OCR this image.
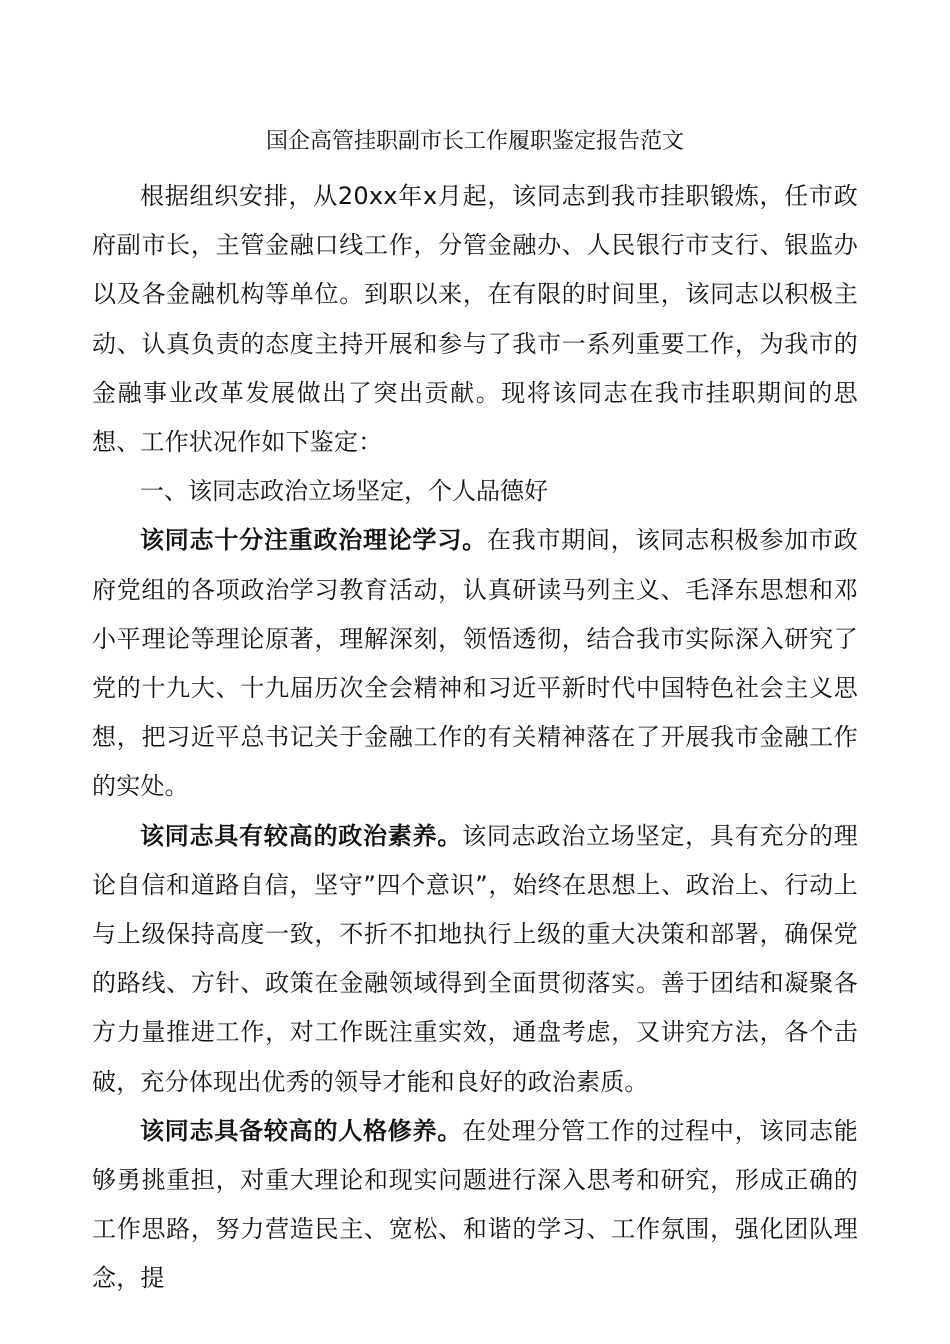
国企高管挂职副市长工作履职鉴定报告范文

根据组织安排，从20xx年x月起，该同志到我市挂职锻炼，任市政府副市长，主管金融口线工作，分管金融办、人民银行市支行、银监办以及各金融机构等单位。到职以来，在有限的时间里，该同志以积极主动、认真负责的态度主持开展和参与了我市一系列重要工作，为我市的金融事业改革发展做出了突出贡献。现将该同志在我市挂职期间的思想、工作状况作如下鉴定：

一、该同志政治立场坚定，个人品德好

该同志十分注重政治理论学习。在我市期间，该同志积极参加市政府党组的各项政治学习教育活动，认真研读马列主义、毛泽东思想和邓小平理论等理论原著，理解深刻，领悟透彻，结合我市实际深入研究了党的十九大、十九届历次全会精神和习近平新时代中国特色社会主义思想，把习近平总书记关于金融工作的有关精神落在了开展我市金融工作的实处。

该同志具有较高的政治素养。该同志政治立场坚定，具有充分的理论自信和道路自信，坚守”四个意识”，始终在思想上、政治上、行动上与上级保持高度一致，不折不扣地执行上级的重大决策和部署，确保党的路线、方针、政策在金融领域得到全面贯彻落实。善于团结和凝聚各方力量推进工作，对工作既注重实效，通盘考虑，又讲究方法，各个击破，充分体现出优秀的领导才能和良好的政治素质。

该同志具备较高的人格修养。在处理分管工作的过程中，该同志能够勇挑重担，对重大理论和现实问题进行深入思考和研究，形成正确的工作思路，努力营造民主、宽松、和谐的学习、工作氛围，强化团队理念，提
